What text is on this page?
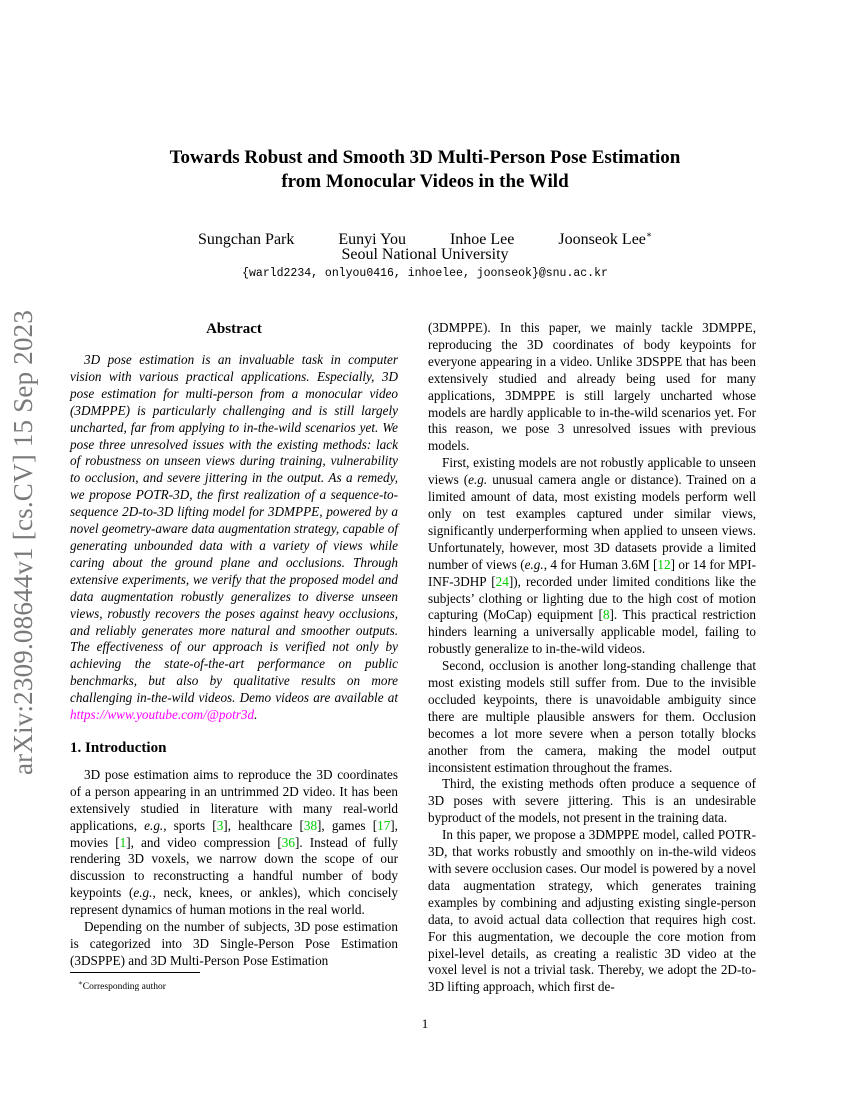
arXiv:2309.08644v1 [cs.CV] 15 Sep 2023
Towards Robust and Smooth 3D Multi-Person Pose Estimation
from Monocular Videos in the Wild
Sungchan Park	Eunyi You	Inhoe Lee	Joonseok Lee∗
Seoul National University
{warld2234, onlyou0416, inhoelee, joonseok}@snu.ac.kr
Abstract

3D pose estimation is an invaluable task in computer vision with various practical applications. Especially, 3D pose estimation for multi-person from a monocular video (3DMPPE) is particularly challenging and is still largely uncharted, far from applying to in-the-wild scenarios yet. We pose three unresolved issues with the existing methods: lack of robustness on unseen views during training, vulnerability to occlusion, and severe jittering in the output. As a remedy, we propose POTR-3D, the first realization of a sequence-to-sequence 2D-to-3D lifting model for 3DMPPE, powered by a novel geometry-aware data augmentation strategy, capable of generating unbounded data with a variety of views while caring about the ground plane and occlusions. Through extensive experiments, we verify that the proposed model and data augmentation robustly generalizes to diverse unseen views, robustly recovers the poses against heavy occlusions, and reliably generates more natural and smoother outputs. The effectiveness of our approach is verified not only by achieving the state-of-the-art performance on public benchmarks, but also by qualitative results on more challenging in-the-wild videos. Demo videos are available at https://www.youtube.com/@potr3d.

1. Introduction

3D pose estimation aims to reproduce the 3D coordinates of a person appearing in an untrimmed 2D video. It has been extensively studied in literature with many real-world applications, e.g., sports [3], healthcare [38], games [17], movies [1], and video compression [36]. Instead of fully rendering 3D voxels, we narrow down the scope of our discussion to reconstructing a handful number of body keypoints (e.g., neck, knees, or ankles), which concisely represent dynamics of human motions in the real world.

Depending on the number of subjects, 3D pose estimation is categorized into 3D Single-Person Pose Estimation (3DSPPE) and 3D Multi-Person Pose Estimation

(3DMPPE). In this paper, we mainly tackle 3DMPPE, reproducing the 3D coordinates of body keypoints for everyone appearing in a video. Unlike 3DSPPE that has been extensively studied and already being used for many applications, 3DMPPE is still largely uncharted whose models are hardly applicable to in-the-wild scenarios yet. For this reason, we pose 3 unresolved issues with previous models.

First, existing models are not robustly applicable to unseen views (e.g. unusual camera angle or distance). Trained on a limited amount of data, most existing models perform well only on test examples captured under similar views, significantly underperforming when applied to unseen views. Unfortunately, however, most 3D datasets provide a limited number of views (e.g., 4 for Human 3.6M [12] or 14 for MPI-INF-3DHP [24]), recorded under limited conditions like the subjects’ clothing or lighting due to the high cost of motion capturing (MoCap) equipment [8]. This practical restriction hinders learning a universally applicable model, failing to robustly generalize to in-the-wild videos.

Second, occlusion is another long-standing challenge that most existing models still suffer from. Due to the invisible occluded keypoints, there is unavoidable ambiguity since there are multiple plausible answers for them. Occlusion becomes a lot more severe when a person totally blocks another from the camera, making the model output inconsistent estimation throughout the frames.

Third, the existing methods often produce a sequence of 3D poses with severe jittering. This is an undesirable byproduct of the models, not present in the training data.

In this paper, we propose a 3DMPPE model, called POTR-3D, that works robustly and smoothly on in-the-wild videos with severe occlusion cases. Our model is powered by a novel data augmentation strategy, which generates training examples by combining and adjusting existing single-person data, to avoid actual data collection that requires high cost. For this augmentation, we decouple the core motion from pixel-level details, as creating a realistic 3D video at the voxel level is not a trivial task. Thereby, we adopt the 2D-to-3D lifting approach, which first de-

∗Corresponding author
1
